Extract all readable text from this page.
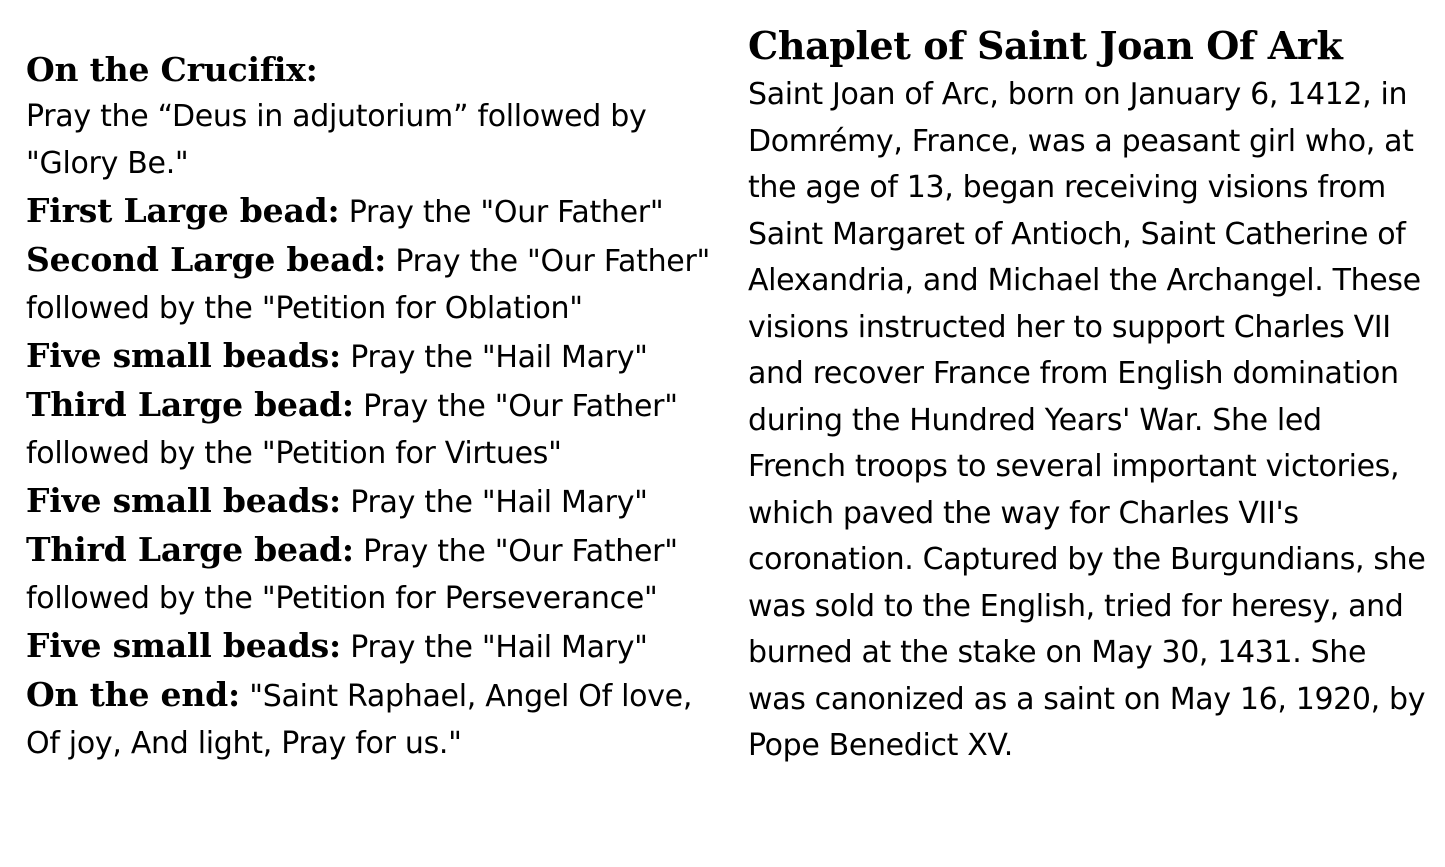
On the Crucifix:
Pray the “Deus in adjutorium” followed by "Glory Be."

First Large bead: Pray the "Our Father"

Second Large bead: Pray the "Our Father" followed by the "Petition for Oblation"

Five small beads: Pray the "Hail Mary"

Third Large bead: Pray the "Our Father" followed by the "Petition for Virtues"

Five small beads: Pray the "Hail Mary"

Third Large bead: Pray the "Our Father" followed by the "Petition for Perseverance"

Five small beads: Pray the "Hail Mary"

On the end: "Saint Raphael, Angel Of love, Of joy, And light, Pray for us."

Chaplet of Saint Joan Of Ark

Saint Joan of Arc, born on January 6, 1412, in Domrémy, France, was a peasant girl who, at the age of 13, began receiving visions from Saint Margaret of Antioch, Saint Catherine of Alexandria, and Michael the Archangel. These visions instructed her to support Charles VII and recover France from English domination during the Hundred Years' War. She led French troops to several important victories, which paved the way for Charles VII's coronation. Captured by the Burgundians, she was sold to the English, tried for heresy, and burned at the stake on May 30, 1431. She was canonized as a saint on May 16, 1920, by Pope Benedict XV.
